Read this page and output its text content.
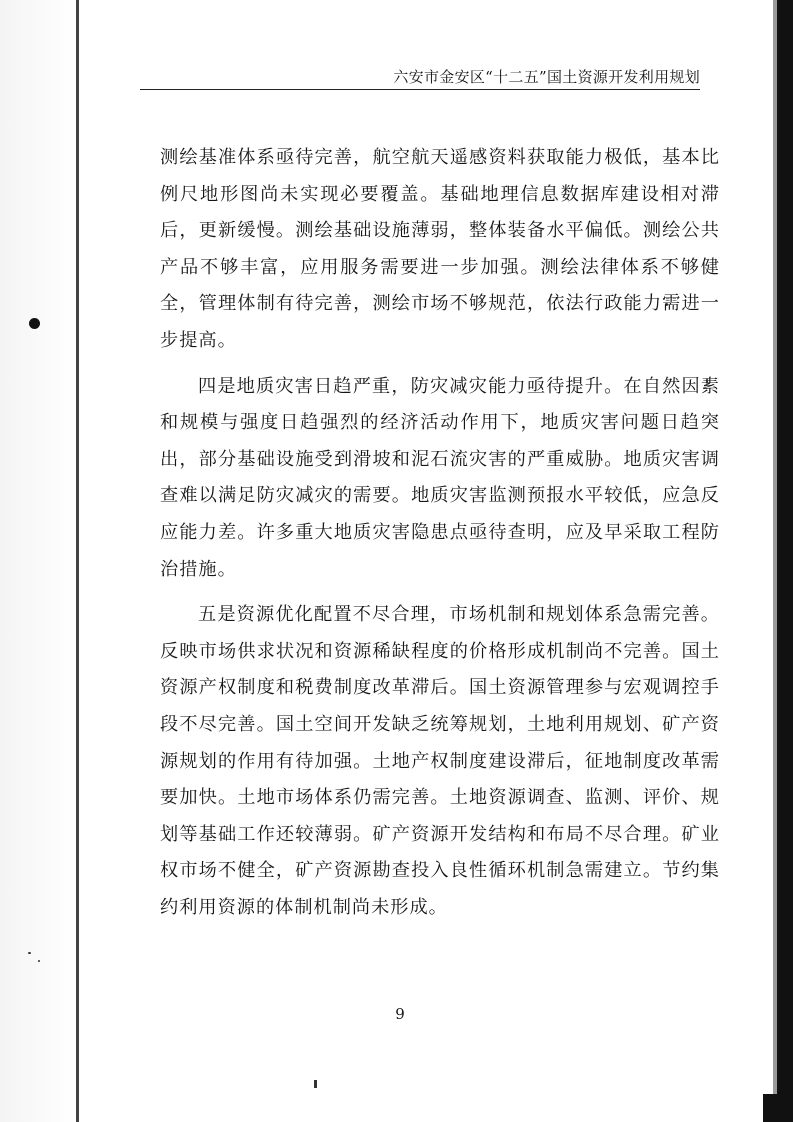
六安市金安区“十二五”国土资源开发利用规划

测绘基准体系亟待完善，航空航天遥感资料获取能力极低，基本比例尺地形图尚未实现必要覆盖。基础地理信息数据库建设相对滞后，更新缓慢。测绘基础设施薄弱，整体装备水平偏低。测绘公共产品不够丰富，应用服务需要进一步加强。测绘法律体系不够健全，管理体制有待完善，测绘市场不够规范，依法行政能力需进一步提高。

四是地质灾害日趋严重，防灾减灾能力亟待提升。在自然因素和规模与强度日趋强烈的经济活动作用下，地质灾害问题日趋突出，部分基础设施受到滑坡和泥石流灾害的严重威胁。地质灾害调查难以满足防灾减灾的需要。地质灾害监测预报水平较低，应急反应能力差。许多重大地质灾害隐患点亟待查明，应及早采取工程防治措施。

五是资源优化配置不尽合理，市场机制和规划体系急需完善。反映市场供求状况和资源稀缺程度的价格形成机制尚不完善。国土资源产权制度和税费制度改革滞后。国土资源管理参与宏观调控手段不尽完善。国土空间开发缺乏统筹规划，土地利用规划、矿产资源规划的作用有待加强。土地产权制度建设滞后，征地制度改革需要加快。土地市场体系仍需完善。土地资源调查、监测、评价、规划等基础工作还较薄弱。矿产资源开发结构和布局不尽合理。矿业权市场不健全，矿产资源勘查投入良性循环机制急需建立。节约集约利用资源的体制机制尚未形成。

9
